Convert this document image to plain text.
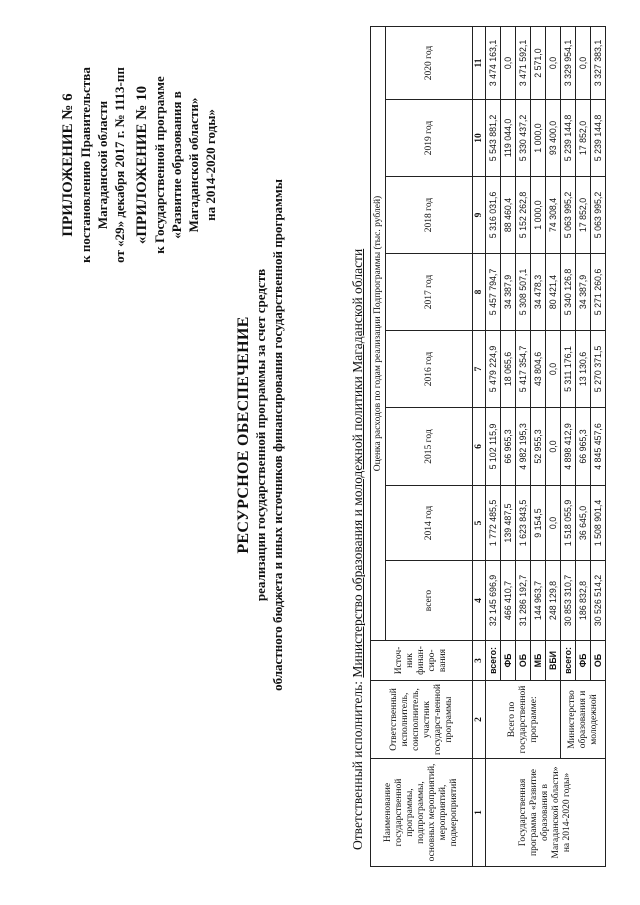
ПРИЛОЖЕНИЕ № 6 к постановлению Правительства Магаданской области от «29» декабря 2017 г. № 1113-пп «ПРИЛОЖЕНИЕ № 10 к Государственной программе «Развитие образования в Магаданской области» на 2014-2020 годы»
РЕСУРСНОЕ ОБЕСПЕЧЕНИЕ реализации государственной программы за счет средств областного бюджета и иных источников финансирования государственной программы
Ответственный исполнитель: Министерство образования и молодежной политики Магаданской области
Наименование государственной программы, подпрограммы, основных мероприятий, мероприятий, подмероприятий	Ответственный исполнитель, соисполнитель, участник государст-венной программы	Источ-ник финан-сиро-вания	Оценка расходов по годам реализации Подпрограммы (тыс. рублей)							
			всего	2014 год	2015 год	2016 год	2017 год	2018 год	2019 год	2020 год
1	2	3	4	5	6	7	8	9	10	11
Государственная программа «Развитие образования в Магаданской области» на 2014-2020 годы»	Всего по государственной программе:	всего:	32 145 696,9	1 772 485,5	5 102 115,9	5 479 224,9	5 457 794,7	5 316 031,6	5 543 881,2	3 474 163,1
		ФБ	466 410,7	139 487,5	66 965,3	18 065,6	34 387,9	88 460,4	119 044,0	0,0
		ОБ	31 286 192,7	1 623 843,5	4 982 195,3	5 417 354,7	5 308 507,1	5 152 262,8	5 330 437,2	3 471 592,1
		МБ	144 963,7	9 154,5	52 955,3	43 804,6	34 478,3	1 000,0	1 000,0	2 571,0
		ВБИ	248 129,8	0,0	0,0	0,0	80 421,4	74 308,4	93 400,0	0,0
	Министерство образования и молодежной	всего:	30 853 310,7	1 518 055,9	4 898 412,9	5 311 176,1	5 340 126,8	5 063 995,2	5 239 144,8	3 329 954,1
		ФБ	186 832,8	36 645,0	66 965,3	13 130,6	34 387,9	17 852,0	17 852,0	0,0
		ОБ	30 526 514,2	1 508 901,4	4 845 457,6	5 270 371,5	5 271 260,6	5 063 995,2	5 239 144,8	3 327 383,1
